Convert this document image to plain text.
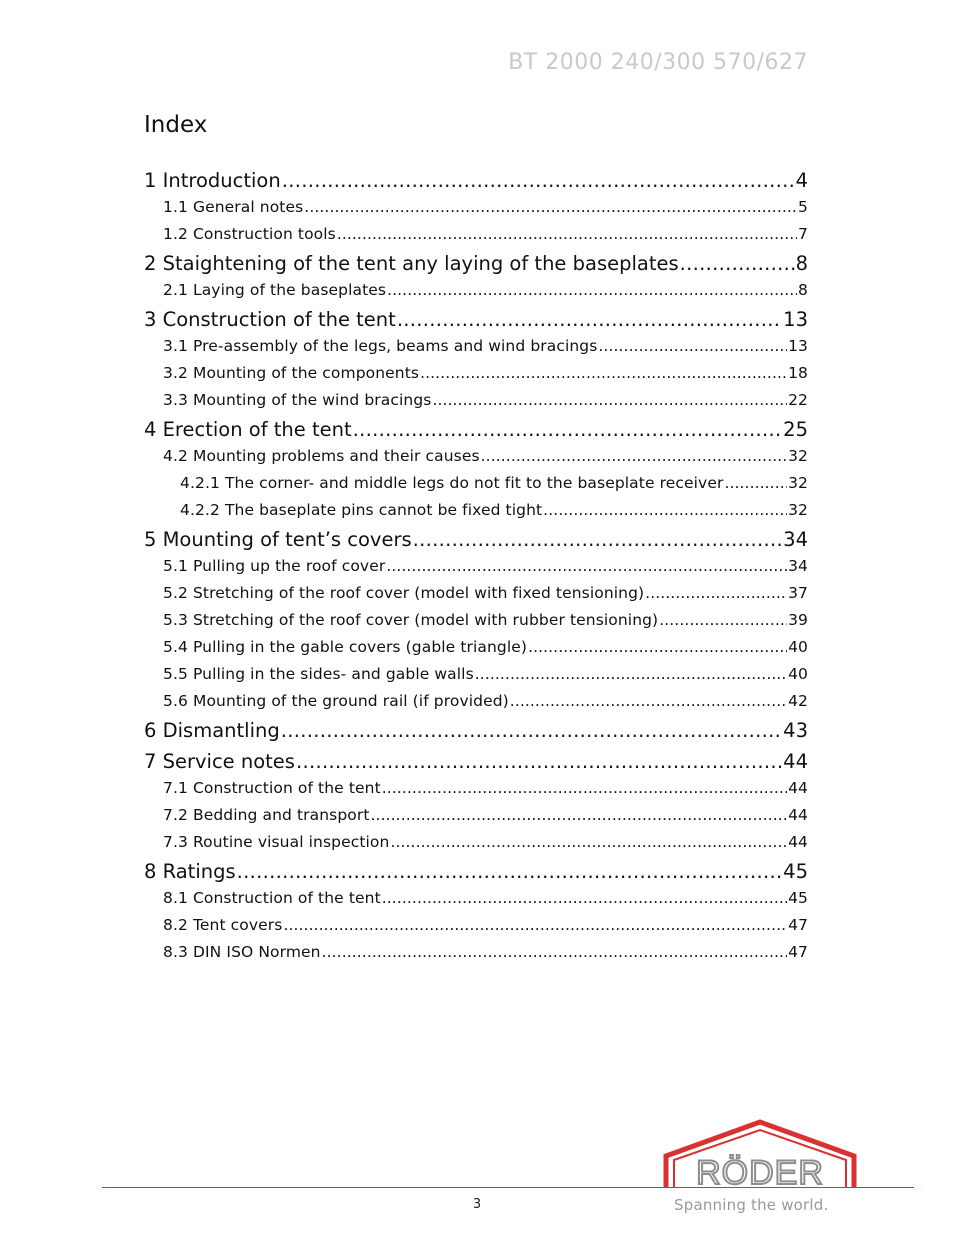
BT 2000 240/300 570/627
Index
1 Introduction .....	4
1.1 General notes .....	5
1.2 Construction tools .....	7
2 Staightening of the tent any laying of the baseplates .....	8
2.1 Laying of the baseplates .....	8
3 Construction of the tent .....	13
3.1 Pre-assembly of the legs, beams and wind bracings .....	13
3.2 Mounting of the components .....	18
3.3 Mounting of the wind bracings .....	22
4 Erection of the tent .....	25
4.2 Mounting problems and their causes .....	32
4.2.1 The corner- and middle legs do not fit to the baseplate receiver .....	32
4.2.2 The baseplate pins cannot be fixed tight .....	32
5 Mounting of tent’s covers .....	34
5.1 Pulling up the roof cover .....	34
5.2 Stretching of the roof cover (model with fixed tensioning) .....	37
5.3 Stretching of the roof cover (model with rubber tensioning) .....	39
5.4 Pulling in the gable covers (gable triangle) .....	40
5.5 Pulling in the sides- and gable walls .....	40
5.6 Mounting of the ground rail (if provided) .....	42
6 Dismantling .....	43
7 Service notes .....	44
7.1 Construction of the tent .....	44
7.2 Bedding and transport .....	44
7.3 Routine visual inspection .....	44
8 Ratings .....	45
8.1 Construction of the tent .....	45
8.2 Tent covers .....	47
8.3 DIN ISO Normen .....	47
3
RÖDER
Spanning the world.
